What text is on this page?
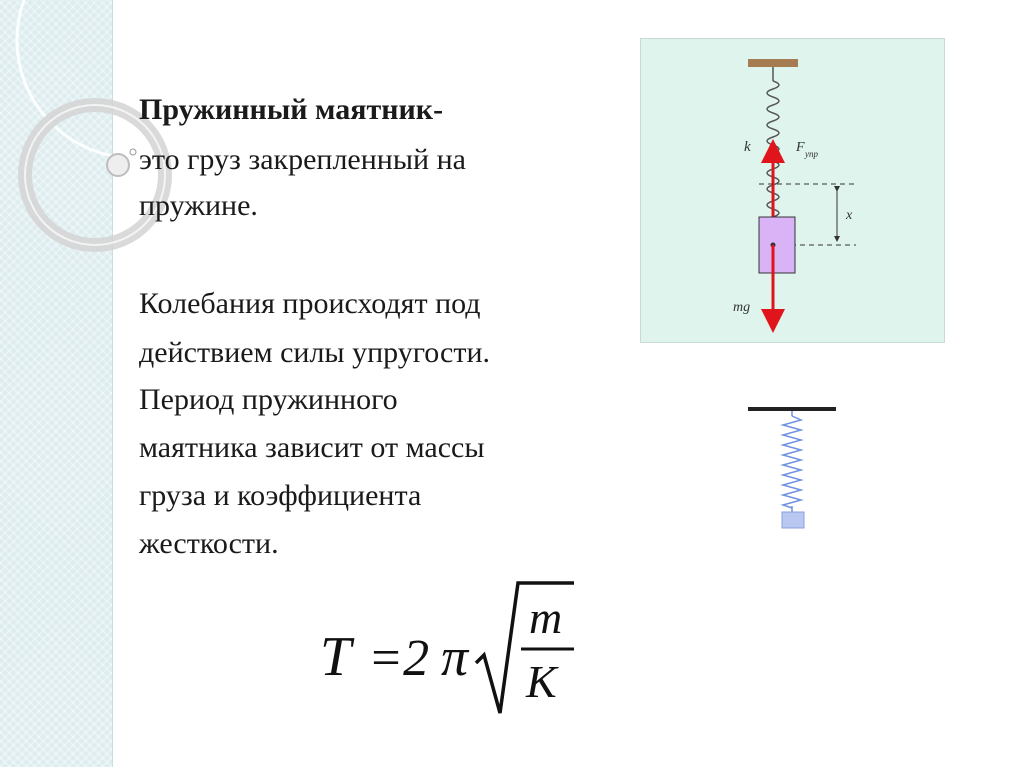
Пружинный маятник-

это груз закрепленный на

пружине.

Колебания происходят под

действием силы упругости.

Период пружинного

маятника зависит от массы

груза и коэффициента

жесткости.

k	F упр
x
mg
T =2 π
m
K
